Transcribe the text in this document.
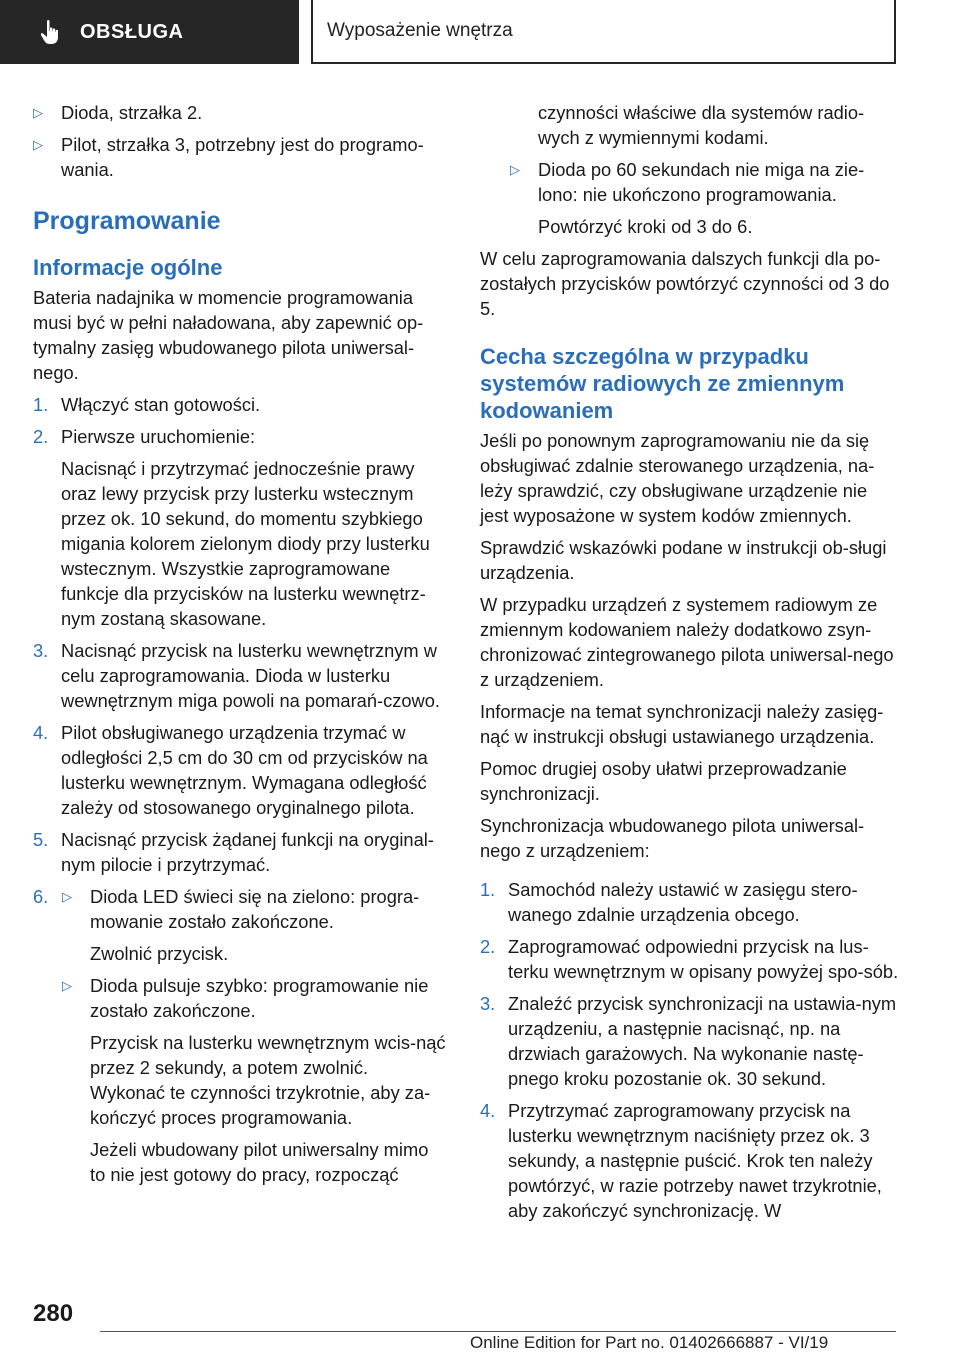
OBSŁUGA	Wyposażenie wnętrza
▷ Dioda, strzałka 2.
▷ Pilot, strzałka 3, potrzebny jest do programo-wania.
Programowanie
Informacje ogólne
Bateria nadajnika w momencie programowania musi być w pełni naładowana, aby zapewnić op-tymalny zasięg wbudowanego pilota uniwersal-nego.
1. Włączyć stan gotowości.
2. Pierwsze uruchomienie:
Nacisnąć i przytrzymać jednocześnie prawy oraz lewy przycisk przy lusterku wstecznym przez ok. 10 sekund, do momentu szybkiego migania kolorem zielonym diody przy lusterku wstecznym. Wszystkie zaprogramowane funkcje dla przycisków na lusterku wewnętrz-nym zostaną skasowane.
3. Nacisnąć przycisk na lusterku wewnętrznym w celu zaprogramowania. Dioda w lusterku wewnętrznym miga powoli na pomarań-czowo.
4. Pilot obsługiwanego urządzenia trzymać w odległości 2,5 cm do 30 cm od przycisków na lusterku wewnętrznym. Wymagana odległość zależy od stosowanego oryginalnego pilota.
5. Nacisnąć przycisk żądanej funkcji na oryginal-nym pilocie i przytrzymać.
6. ▷ Dioda LED świeci się na zielono: progra-mowanie zostało zakończone.
Zwolnić przycisk.
▷ Dioda pulsuje szybko: programowanie nie zostało zakończone.
Przycisk na lusterku wewnętrznym wcis-nąć przez 2 sekundy, a potem zwolnić. Wykonać te czynności trzykrotnie, aby za-kończyć proces programowania.
Jeżeli wbudowany pilot uniwersalny mimo to nie jest gotowy do pracy, rozpocząć
czynności właściwe dla systemów radio-wych z wymiennymi kodami.
▷ Dioda po 60 sekundach nie miga na zie-lono: nie ukończono programowania.
Powtórzyć kroki od 3 do 6.
W celu zaprogramowania dalszych funkcji dla po-zostałych przycisków powtórzyć czynności od 3 do 5.
Cecha szczególna w przypadku systemów radiowych ze zmiennym kodowaniem
Jeśli po ponownym zaprogramowaniu nie da się obsługiwać zdalnie sterowanego urządzenia, na-leży sprawdzić, czy obsługiwane urządzenie nie jest wyposażone w system kodów zmiennych.
Sprawdzić wskazówki podane w instrukcji ob-sługi urządzenia.
W przypadku urządzeń z systemem radiowym ze zmiennym kodowaniem należy dodatkowo zsyn-chronizować zintegrowanego pilota uniwersal-nego z urządzeniem.
Informacje na temat synchronizacji należy zasięg-nąć w instrukcji obsługi ustawianego urządzenia.
Pomoc drugiej osoby ułatwi przeprowadzanie synchronizacji.
Synchronizacja wbudowanego pilota uniwersal-nego z urządzeniem:
1. Samochód należy ustawić w zasięgu stero-wanego zdalnie urządzenia obcego.
2. Zaprogramować odpowiedni przycisk na lus-terku wewnętrznym w opisany powyżej spo-sób.
3. Znaleźć przycisk synchronizacji na ustawia-nym urządzeniu, a następnie nacisnąć, np. na drzwiach garażowych. Na wykonanie nastę-pnego kroku pozostanie ok. 30 sekund.
4. Przytrzymać zaprogramowany przycisk na lusterku wewnętrznym naciśnięty przez ok. 3 sekundy, a następnie puścić. Krok ten należy powtórzyć, w razie potrzeby nawet trzykrotnie, aby zakończyć synchronizację. W
280
Online Edition for Part no. 01402666887 - VI/19
